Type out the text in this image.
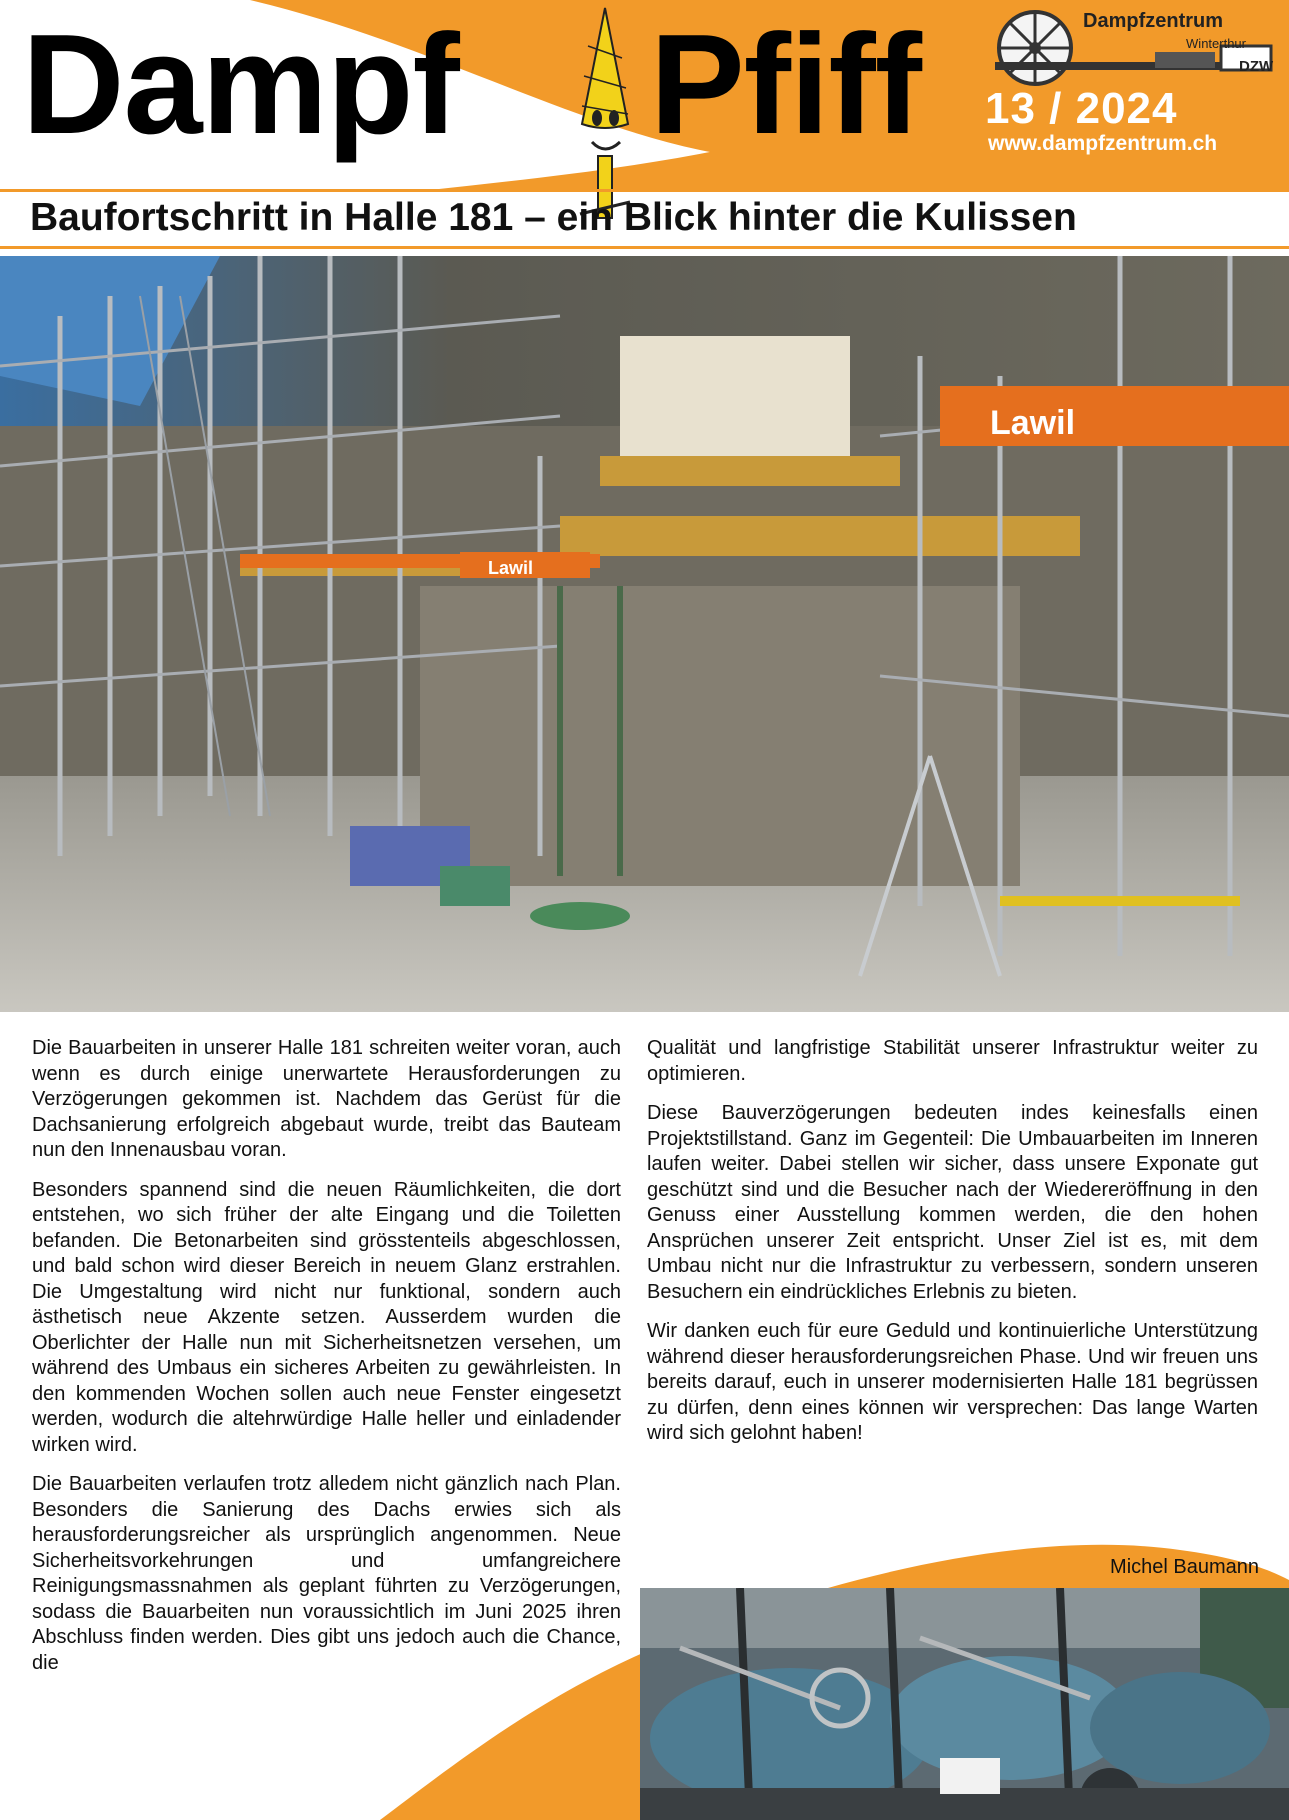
Dampf Pfiff	Dampfzentrum
Winterthur
DZW
13 / 2024
www.dampfzentrum.ch
Baufortschritt in Halle 181 – ein Blick hinter die Kulissen
Lawil
Lawil

Die Bauarbeiten in unserer Halle 181 schreiten weiter voran, auch wenn es durch einige unerwartete Herausforderungen zu Verzögerungen gekommen ist. Nachdem das Gerüst für die Dachsanierung erfolgreich abgebaut wurde, treibt das Bauteam nun den Innenausbau voran.

Besonders spannend sind die neuen Räumlichkeiten, die dort entstehen, wo sich früher der alte Eingang und die Toiletten befanden. Die Betonarbeiten sind grösstenteils abgeschlossen, und bald schon wird dieser Bereich in neuem Glanz erstrahlen. Die Umgestaltung wird nicht nur funktional, sondern auch ästhetisch neue Akzente setzen. Ausserdem wurden die Oberlichter der Halle nun mit Sicherheitsnetzen versehen, um während des Umbaus ein sicheres Arbeiten zu gewährleisten. In den kommenden Wochen sollen auch neue Fenster eingesetzt werden, wodurch die altehrwürdige Halle heller und einladender wirken wird.

Die Bauarbeiten verlaufen trotz alledem nicht gänzlich nach Plan. Besonders die Sanierung des Dachs erwies sich als herausforderungsreicher als ursprünglich angenommen. Neue Sicherheitsvorkehrungen und umfangreichere Reinigungsmassnahmen als geplant führten zu Verzögerungen, sodass die Bauarbeiten nun voraussichtlich im Juni 2025 ihren Abschluss finden werden. Dies gibt uns jedoch auch die Chance, die

Qualität und langfristige Stabilität unserer Infrastruktur weiter zu optimieren.

Diese Bauverzögerungen bedeuten indes keinesfalls einen Projektstillstand. Ganz im Gegenteil: Die Umbauarbeiten im Inneren laufen weiter. Dabei stellen wir sicher, dass unsere Exponate gut geschützt sind und die Besucher nach der Wiedereröffnung in den Genuss einer Ausstellung kommen werden, die den hohen Ansprüchen unserer Zeit entspricht. Unser Ziel ist es, mit dem Umbau nicht nur die Infrastruktur zu verbessern, sondern unseren Besuchern ein eindrückliches Erlebnis zu bieten.

Wir danken euch für eure Geduld und kontinuierliche Unterstützung während dieser herausforderungsreichen Phase. Und wir freuen uns bereits darauf, euch in unserer modernisierten Halle 181 begrüssen zu dürfen, denn eines können wir versprechen: Das lange Warten wird sich gelohnt haben!

Michel Baumann
